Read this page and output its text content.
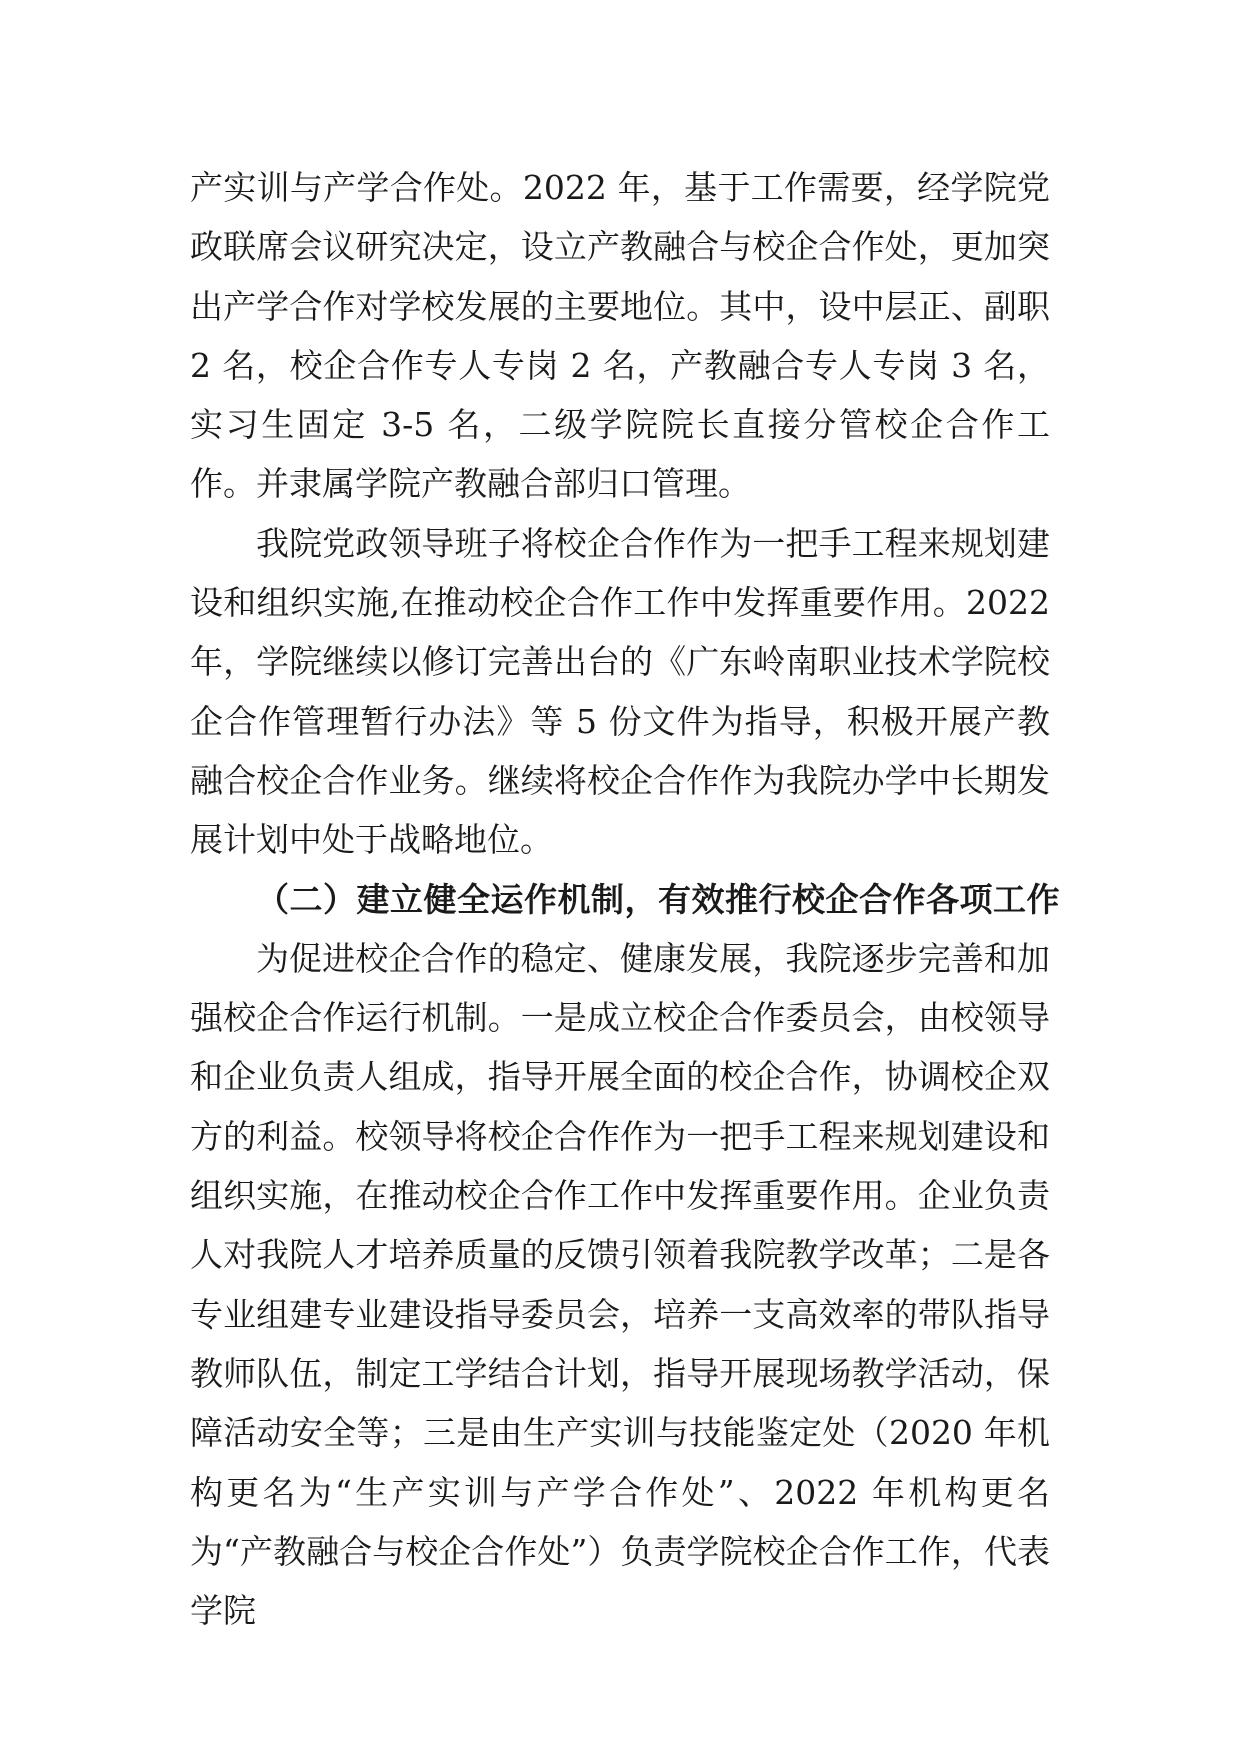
产实训与产学合作处。2022 年，基于工作需要，经学院党政联席会议研究决定，设立产教融合与校企合作处，更加突出产学合作对学校发展的主要地位。其中，设中层正、副职 2 名，校企合作专人专岗 2 名，产教融合专人专岗 3 名，实习生固定 3-5 名，二级学院院长直接分管校企合作工作。并隶属学院产教融合部归口管理。

我院党政领导班子将校企合作作为一把手工程来规划建设和组织实施,在推动校企合作工作中发挥重要作用。2022 年，学院继续以修订完善出台的《广东岭南职业技术学院校企合作管理暂行办法》等 5 份文件为指导，积极开展产教融合校企合作业务。继续将校企合作作为我院办学中长期发展计划中处于战略地位。

（二）建立健全运作机制，有效推行校企合作各项工作

为促进校企合作的稳定、健康发展，我院逐步完善和加强校企合作运行机制。一是成立校企合作委员会，由校领导和企业负责人组成，指导开展全面的校企合作，协调校企双方的利益。校领导将校企合作作为一把手工程来规划建设和组织实施，在推动校企合作工作中发挥重要作用。企业负责人对我院人才培养质量的反馈引领着我院教学改革；二是各专业组建专业建设指导委员会，培养一支高效率的带队指导教师队伍，制定工学结合计划，指导开展现场教学活动，保障活动安全等；三是由生产实训与技能鉴定处（2020 年机构更名为“生产实训与产学合作处”、2022 年机构更名为“产教融合与校企合作处”）负责学院校企合作工作，代表学院
